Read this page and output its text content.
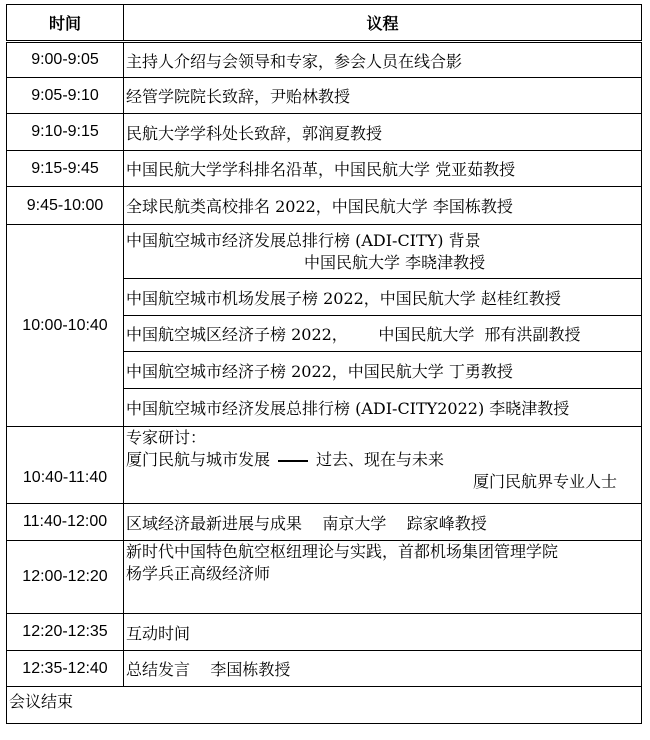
时间	议程
9:00-9:05	主持人介绍与会领导和专家，参会人员在线合影
9:05-9:10	经管学院院长致辞，尹贻林教授
9:10-9:15	民航大学学科处长致辞，郭润夏教授
9:15-9:45	中国民航大学学科排名沿革，中国民航大学 党亚茹教授
9:45-10:00	全球民航类高校排名 2022，中国民航大学 李国栋教授
10:00-10:40	中国航空城市经济发展总排行榜 (ADI-CITY) 背景
中国民航大学 李晓津教授

	中国航空城市机场发展子榜 2022，中国民航大学 赵桂红教授
	中国航空城区经济子榜 2022，      中国民航大学  邢有洪副教授
	中国航空城市经济子榜 2022，中国民航大学 丁勇教授
	中国航空城市经济发展总排行榜 (ADI-CITY2022) 李晓津教授
10:40-11:40	专家研讨：
厦门民航与城市发展 过去、现在与未来
厦门民航界专业人士

11:40-12:00	区域经济最新进展与成果    南京大学    踪家峰教授
12:00-12:20	新时代中国特色航空枢纽理论与实践，首都机场集团管理学院
杨学兵正高级经济师

12:20-12:35	互动时间
12:35-12:40	总结发言    李国栋教授
会议结束	
